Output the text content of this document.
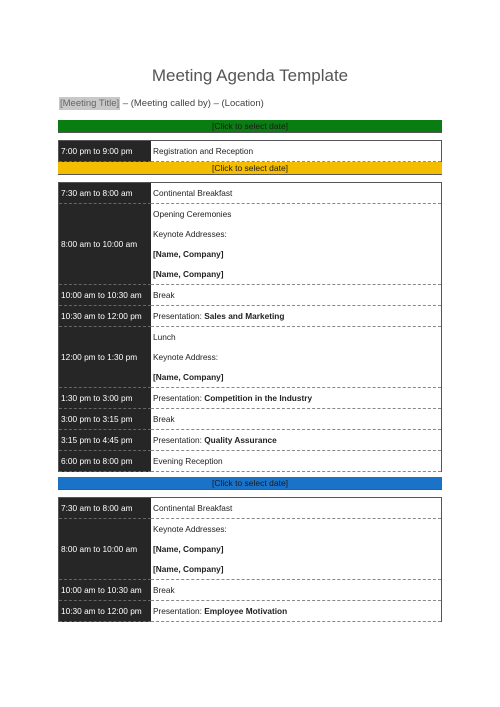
Meeting Agenda Template
[Meeting Title] – (Meeting called by) – (Location)
[Click to select date]
7:00 pm to 9:00 pm	Registration and Reception
[Click to select date]
7:30 am to 8:00 am	Continental Breakfast
8:00 am to 10:00 am	Opening Ceremonies
	Keynote Addresses:
	[Name, Company]
	[Name, Company]
10:00 am to 10:30 am	Break
10:30 am to 12:00 pm	Presentation: Sales and Marketing
12:00 pm to 1:30 pm	Lunch
	Keynote Address:
	[Name, Company]
1:30 pm to 3:00 pm	Presentation: Competition in the Industry
3:00 pm to 3:15 pm	Break
3:15 pm to 4:45 pm	Presentation: Quality Assurance
6:00 pm to 8:00 pm	Evening Reception
[Click to select date]
7:30 am to 8:00 am	Continental Breakfast
8:00 am to 10:00 am	Keynote Addresses:
	[Name, Company]
	[Name, Company]
10:00 am to 10:30 am	Break
10:30 am to 12:00 pm	Presentation: Employee Motivation
